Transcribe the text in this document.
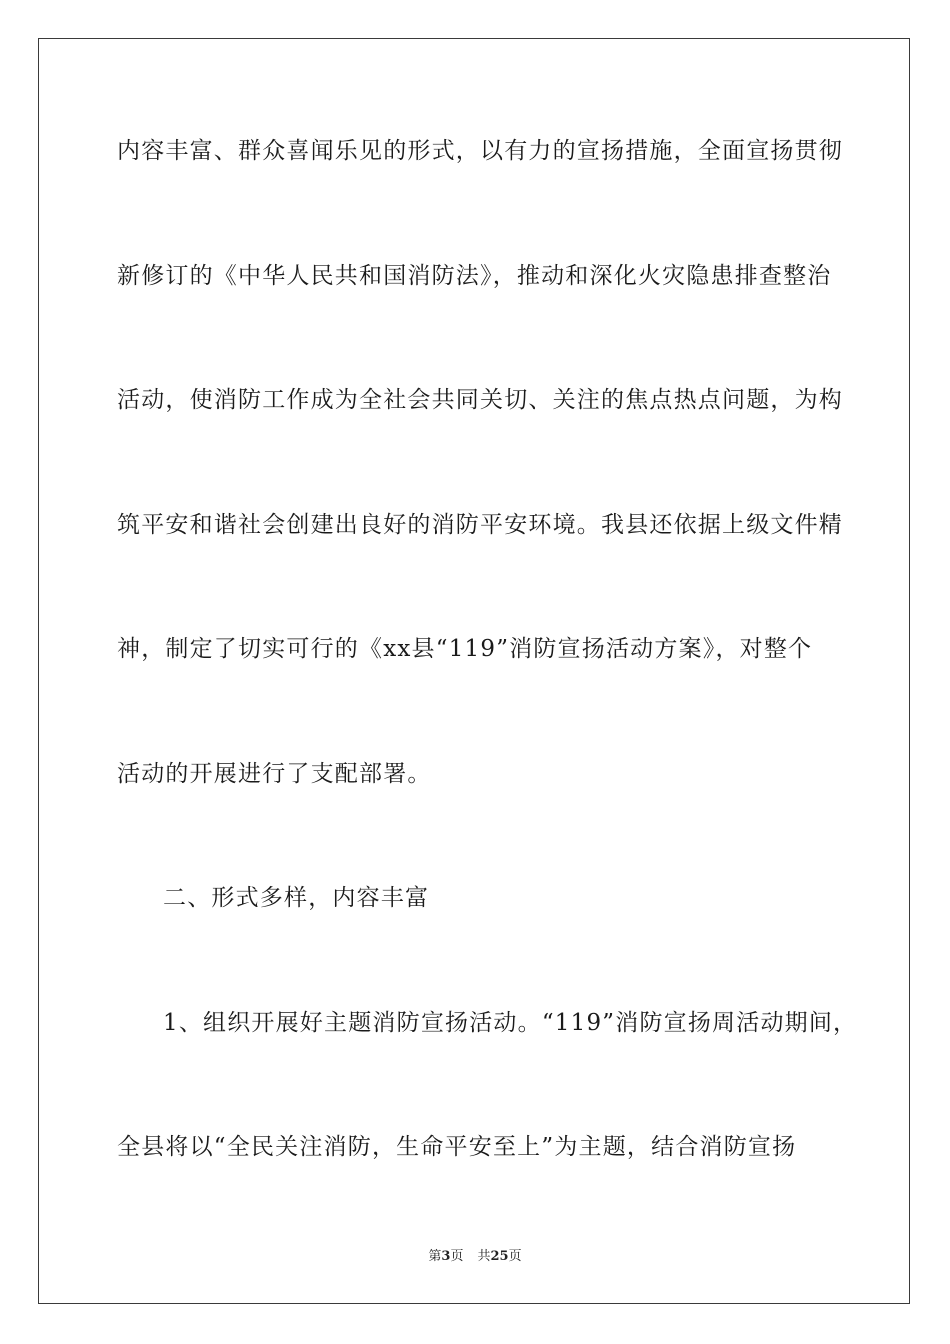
内容丰富、群众喜闻乐见的形式，以有力的宣扬措施，全面宣扬贯彻
新修订的《中华人民共和国消防法》，推动和深化火灾隐患排查整治
活动，使消防工作成为全社会共同关切、关注的焦点热点问题，为构
筑平安和谐社会创建出良好的消防平安环境。我县还依据上级文件精
神，制定了切实可行的《xx县“119”消防宣扬活动方案》，对整个
活动的开展进行了支配部署。
二、形式多样，内容丰富
1、组织开展好主题消防宣扬活动。“119”消防宣扬周活动期间，
全县将以“全民关注消防，生命平安至上”为主题，结合消防宣扬
第3页 共25页
